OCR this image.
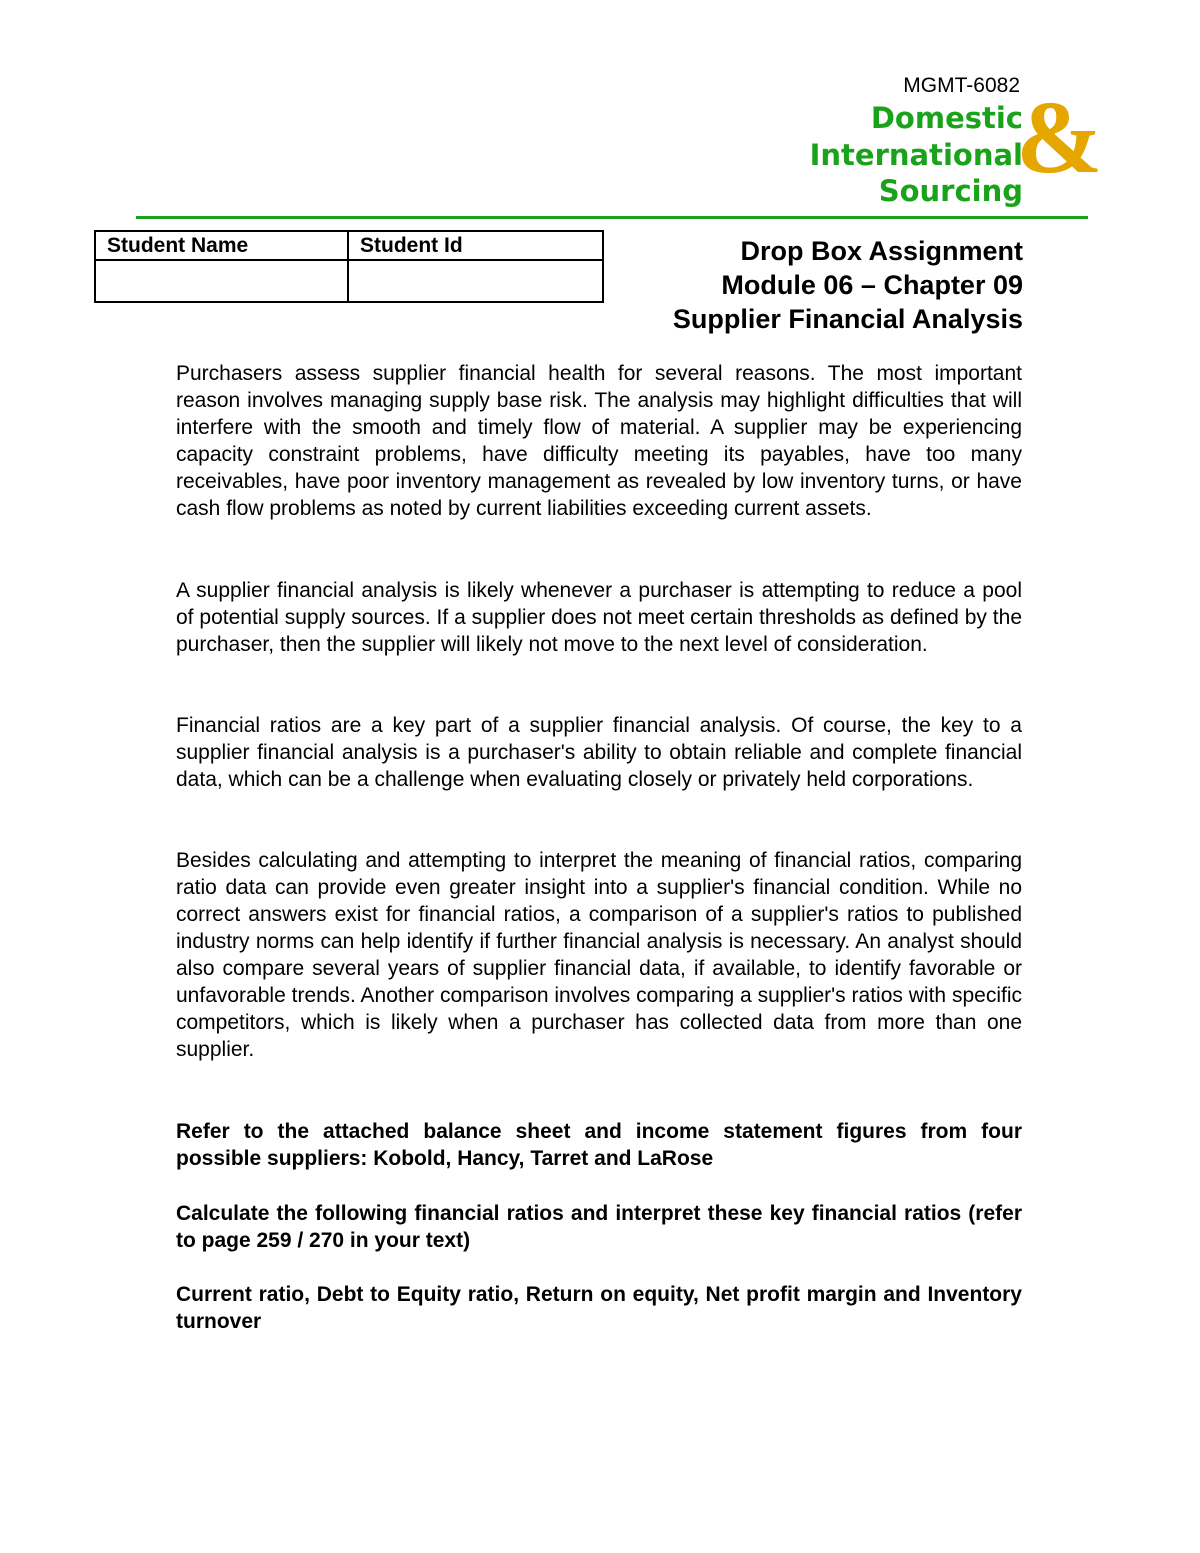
MGMT-6082
Domestic
International
Sourcing
&
Student Name	Student Id
		Drop Box Assignment
Module 06 – Chapter 09
Supplier Financial Analysis

Purchasers assess supplier financial health for several reasons. The most important reason involves managing supply base risk. The analysis may highlight difficulties that will interfere with the smooth and timely flow of material. A supplier may be experiencing capacity constraint problems, have difficulty meeting its payables, have too many receivables, have poor inventory management as revealed by low inventory turns, or have cash flow problems as noted by current liabilities exceeding current assets.

A supplier financial analysis is likely whenever a purchaser is attempting to reduce a pool of potential supply sources. If a supplier does not meet certain thresholds as defined by the purchaser, then the supplier will likely not move to the next level of consideration.

Financial ratios are a key part of a supplier financial analysis. Of course, the key to a supplier financial analysis is a purchaser's ability to obtain reliable and complete financial data, which can be a challenge when evaluating closely or privately held corporations.

Besides calculating and attempting to interpret the meaning of financial ratios, comparing ratio data can provide even greater insight into a supplier's financial condition. While no correct answers exist for financial ratios, a comparison of a supplier's ratios to published industry norms can help identify if further financial analysis is necessary. An analyst should also compare several years of supplier financial data, if available, to identify favorable or unfavorable trends. Another comparison involves comparing a supplier's ratios with specific competitors, which is likely when a purchaser has collected data from more than one supplier.

Refer to the attached balance sheet and income statement figures from four possible suppliers: Kobold, Hancy, Tarret and LaRose

Calculate the following financial ratios and interpret these key financial ratios (refer to page 259 / 270 in your text)

Current ratio, Debt to Equity ratio, Return on equity, Net profit margin and Inventory turnover
